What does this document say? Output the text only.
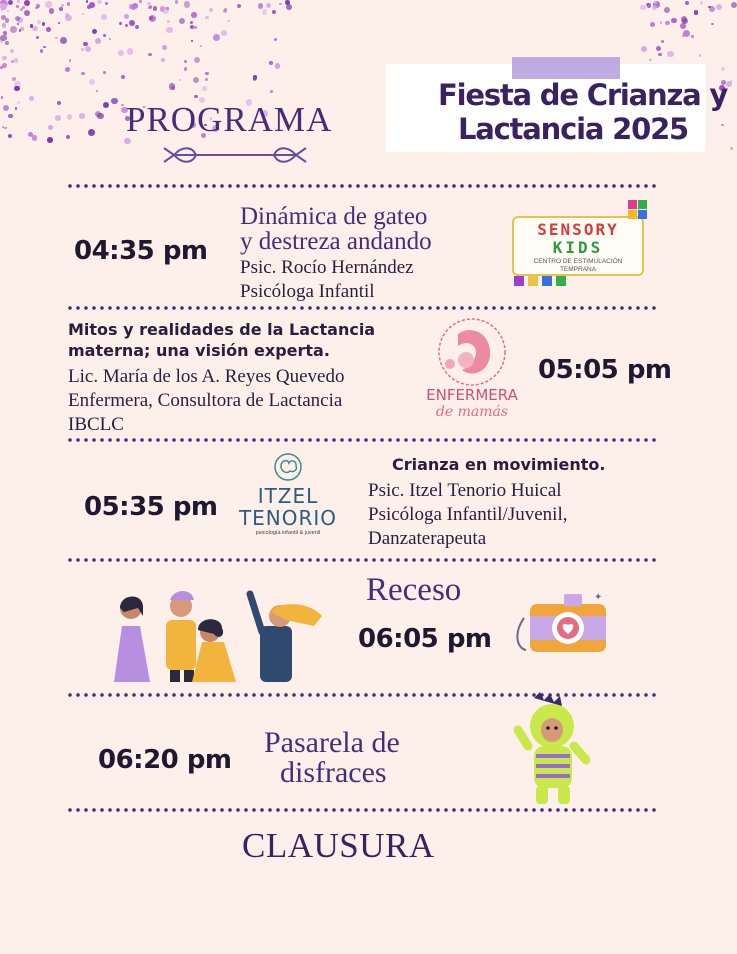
PROGRAMA
Fiesta de Crianza y
Lactancia 2025
04:35 pm
Dinámica de gateo
y destreza andando
Psic. Rocío Hernández
Psicóloga Infantil
SENSORY
KIDS
CENTRO DE ESTIMULACIÓN
TEMPRANA
Mitos y realidades de la Lactancia
materna; una visión experta.
Lic. María de los A. Reyes Quevedo
Enfermera, Consultora de Lactancia
IBCLC
05:05 pm
ENFERMERA
de mamás
05:35 pm	ITZEL
TENORIO
psicología infantil & juvenil
Crianza en movimiento.
Psic. Itzel Tenorio Huical
Psicóloga Infantil/Juvenil,
Danzaterapeuta
Receso
06:05 pm
✦
06:20 pm
Pasarela de
disfraces
CLAUSURA
